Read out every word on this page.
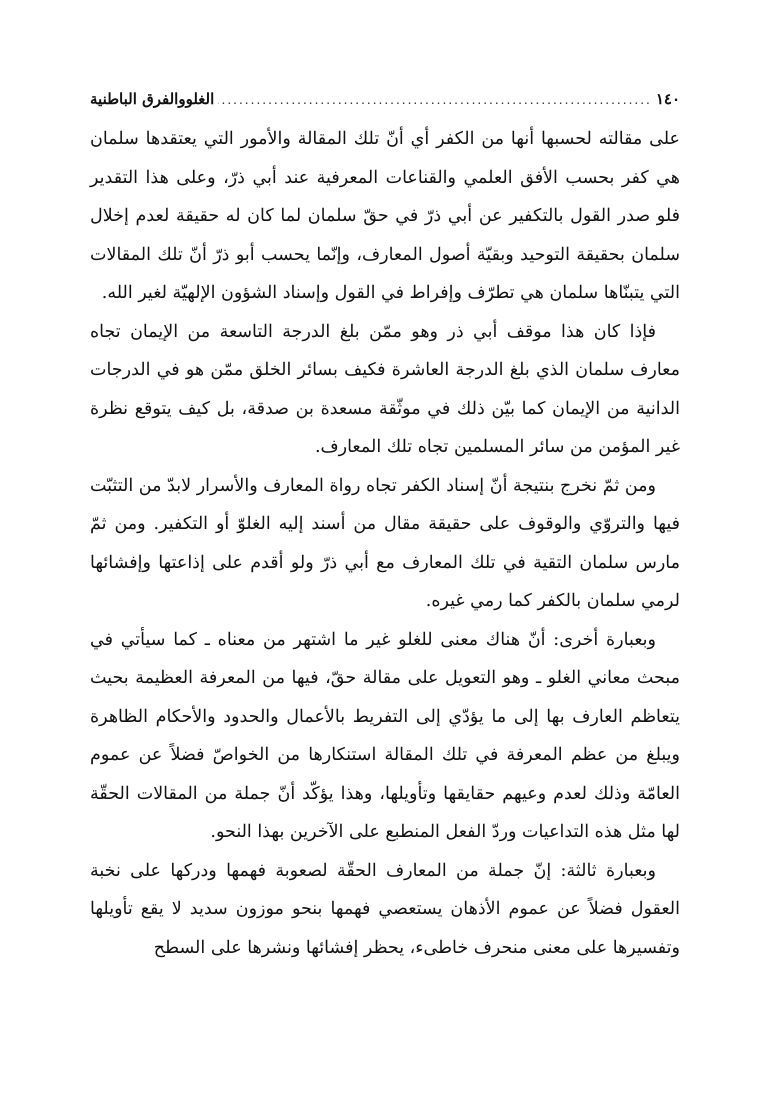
١٤٠
.....
الغلووالفرق الباطنية

على مقالته لحسبها أنها من الكفر أي أنّ تلك المقالة والأمور التي يعتقدها سلمان هي كفر بحسب الأفق العلمي والقناعات المعرفية عند أبي ذرّ، وعلى هذا التقدير فلو صدر القول بالتكفير عن أبي ذرّ في حقّ سلمان لما كان له حقيقة لعدم إخلال سلمان بحقيقة التوحيد وبقيّة أصول المعارف، وإنّما يحسب أبو ذرّ أنّ تلك المقالات التي يتبنّاها سلمان هي تطرّف وإفراط في القول وإسناد الشؤون الإلهيّة لغير الله.

فإذا كان هذا موقف أبي ذر وهو ممّن بلغ الدرجة التاسعة من الإيمان تجاه معارف سلمان الذي بلغ الدرجة العاشرة فكيف بسائر الخلق ممّن هو في الدرجات الدانية من الإيمان كما بيّن ذلك في موثّقة مسعدة بن صدقة، بل كيف يتوقع نظرة غير المؤمن من سائر المسلمين تجاه تلك المعارف.

ومن ثمّ نخرج بنتيجة أنّ إسناد الكفر تجاه رواة المعارف والأسرار لابدّ من التثبّت فيها والتروّي والوقوف على حقيقة مقال من أسند إليه الغلوّ أو التكفير. ومن ثمّ مارس سلمان التقية في تلك المعارف مع أبي ذرّ ولو أقدم على إذاعتها وإفشائها لرمي سلمان بالكفر كما رمي غيره.

وبعبارة أخرى: أنّ هناك معنى للغلو غير ما اشتهر من معناه ـ كما سيأتي في مبحث معاني الغلو ـ وهو التعويل على مقالة حقّ، فيها من المعرفة العظيمة بحيث يتعاظم العارف بها إلى ما يؤدّي إلى التفريط بالأعمال والحدود والأحكام الظاهرة ويبلغ من عظم المعرفة في تلك المقالة استنكارها من الخواصّ فضلاً عن عموم العامّة وذلك لعدم وعيهم حقايقها وتأويلها، وهذا يؤكّد أنّ جملة من المقالات الحقّة لها مثل هذه التداعيات وردّ الفعل المنطبع على الآخرين بهذا النحو.

وبعبارة ثالثة: إنّ جملة من المعارف الحقّة لصعوبة فهمها ودركها على نخبة العقول فضلاً عن عموم الأذهان يستعصي فهمها بنحو موزون سديد لا يقع تأويلها وتفسيرها على معنى منحرف خاطىء، يحظر إفشائها ونشرها على السطح
